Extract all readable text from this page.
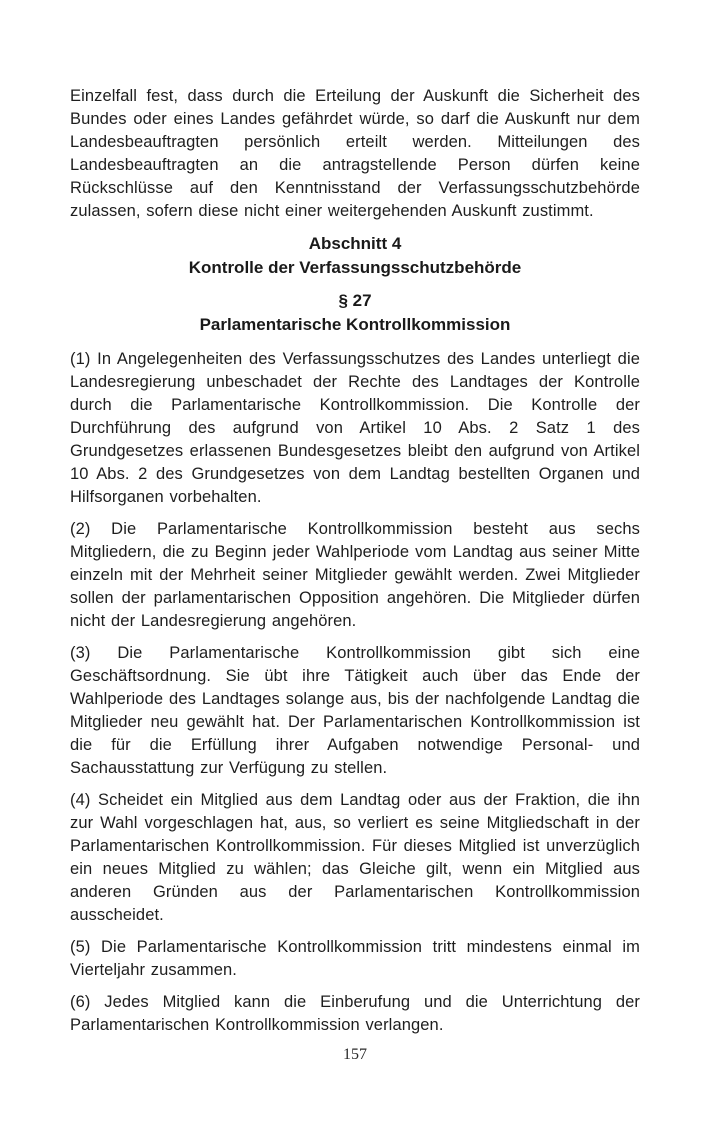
Einzelfall fest, dass durch die Erteilung der Auskunft die Sicherheit des Bundes oder eines Landes gefährdet würde, so darf die Auskunft nur dem Landesbeauftragten persönlich erteilt werden. Mitteilungen des Landesbeauftragten an die antragstellende Person dürfen keine Rückschlüsse auf den Kenntnisstand der Verfassungsschutzbehörde zulassen, sofern diese nicht einer weitergehenden Auskunft zustimmt.

Abschnitt 4
Kontrolle der Verfassungsschutzbehörde
§ 27
Parlamentarische Kontrollkommission

(1) In Angelegenheiten des Verfassungsschutzes des Landes unterliegt die Landesregierung unbeschadet der Rechte des Landtages der Kontrolle durch die Parlamentarische Kontrollkommission. Die Kontrolle der Durchführung des aufgrund von Artikel 10 Abs. 2 Satz 1 des Grundgesetzes erlassenen Bundesgesetzes bleibt den aufgrund von Artikel 10 Abs. 2 des Grundgesetzes von dem Landtag bestellten Organen und Hilfsorganen vorbehalten.

(2) Die Parlamentarische Kontrollkommission besteht aus sechs Mitgliedern, die zu Beginn jeder Wahlperiode vom Landtag aus seiner Mitte einzeln mit der Mehrheit seiner Mitglieder gewählt werden. Zwei Mitglieder sollen der parlamentarischen Opposition angehören. Die Mitglieder dürfen nicht der Landesregierung angehören.

(3) Die Parlamentarische Kontrollkommission gibt sich eine Geschäftsordnung. Sie übt ihre Tätigkeit auch über das Ende der Wahlperiode des Landtages solange aus, bis der nachfolgende Landtag die Mitglieder neu gewählt hat. Der Parlamentarischen Kontrollkommission ist die für die Erfüllung ihrer Aufgaben notwendige Personal- und Sachausstattung zur Verfügung zu stellen.

(4) Scheidet ein Mitglied aus dem Landtag oder aus der Fraktion, die ihn zur Wahl vorgeschlagen hat, aus, so verliert es seine Mitgliedschaft in der Parlamentarischen Kontrollkommission. Für dieses Mitglied ist unverzüglich ein neues Mitglied zu wählen; das Gleiche gilt, wenn ein Mitglied aus anderen Gründen aus der Parlamentarischen Kontrollkommission ausscheidet.

(5) Die Parlamentarische Kontrollkommission tritt mindestens einmal im Vierteljahr zusammen.

(6) Jedes Mitglied kann die Einberufung und die Unterrichtung der Parlamentarischen Kontrollkommission verlangen.

157
